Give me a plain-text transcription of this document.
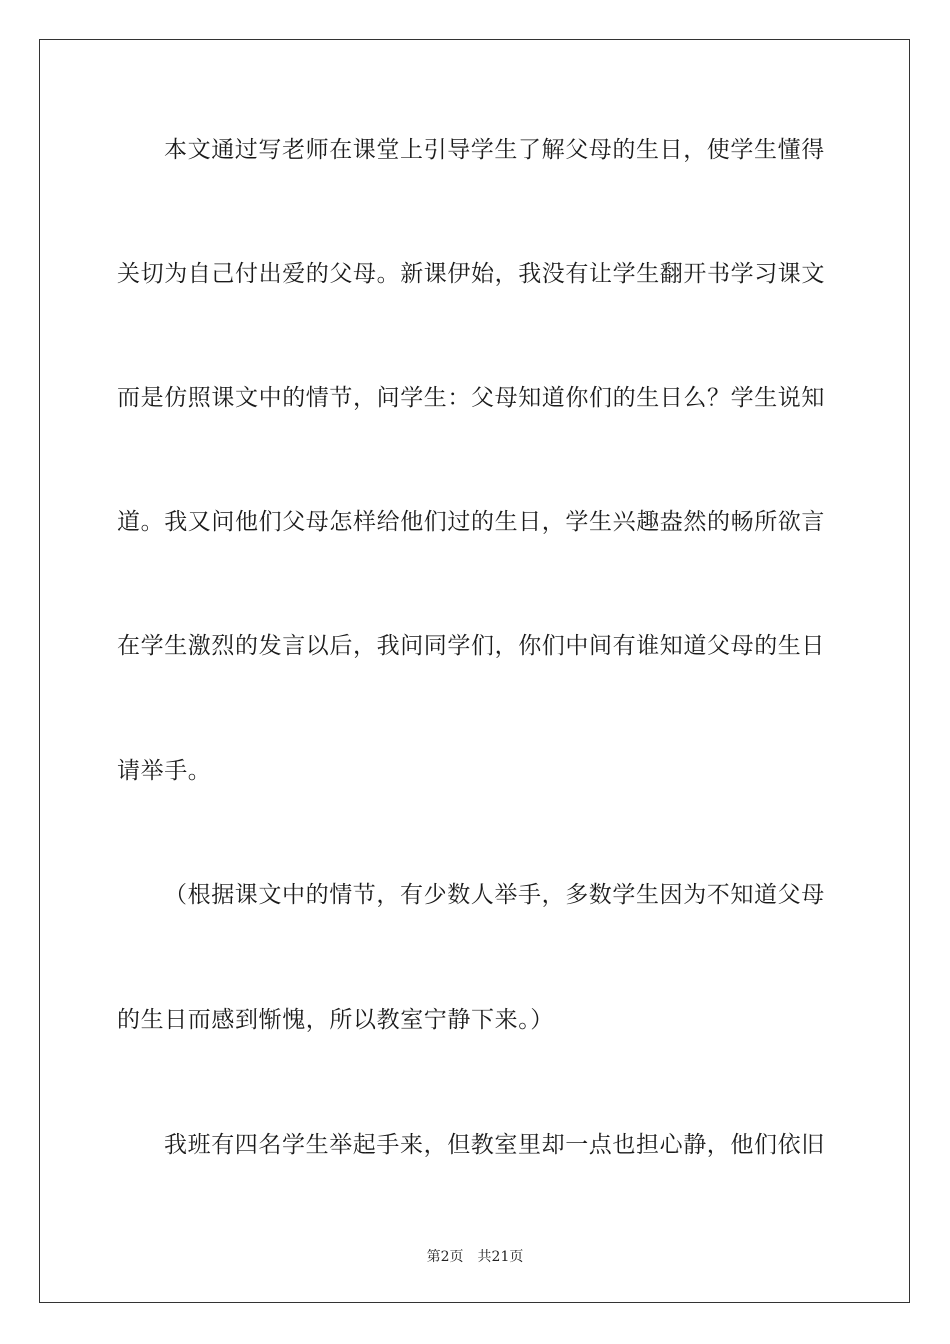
本文通过写老师在课堂上引导学生了解父母的生日，使学生懂得
关切为自己付出爱的父母。新课伊始，我没有让学生翻开书学习课文
而是仿照课文中的情节，问学生：父母知道你们的生日么？学生说知
道。我又问他们父母怎样给他们过的生日，学生兴趣盎然的畅所欲言
在学生激烈的发言以后，我问同学们，你们中间有谁知道父母的生日
请举手。
（根据课文中的情节，有少数人举手，多数学生因为不知道父母
的生日而感到惭愧，所以教室宁静下来。）
我班有四名学生举起手来，但教室里却一点也担心静，他们依旧
第2页 共21页
